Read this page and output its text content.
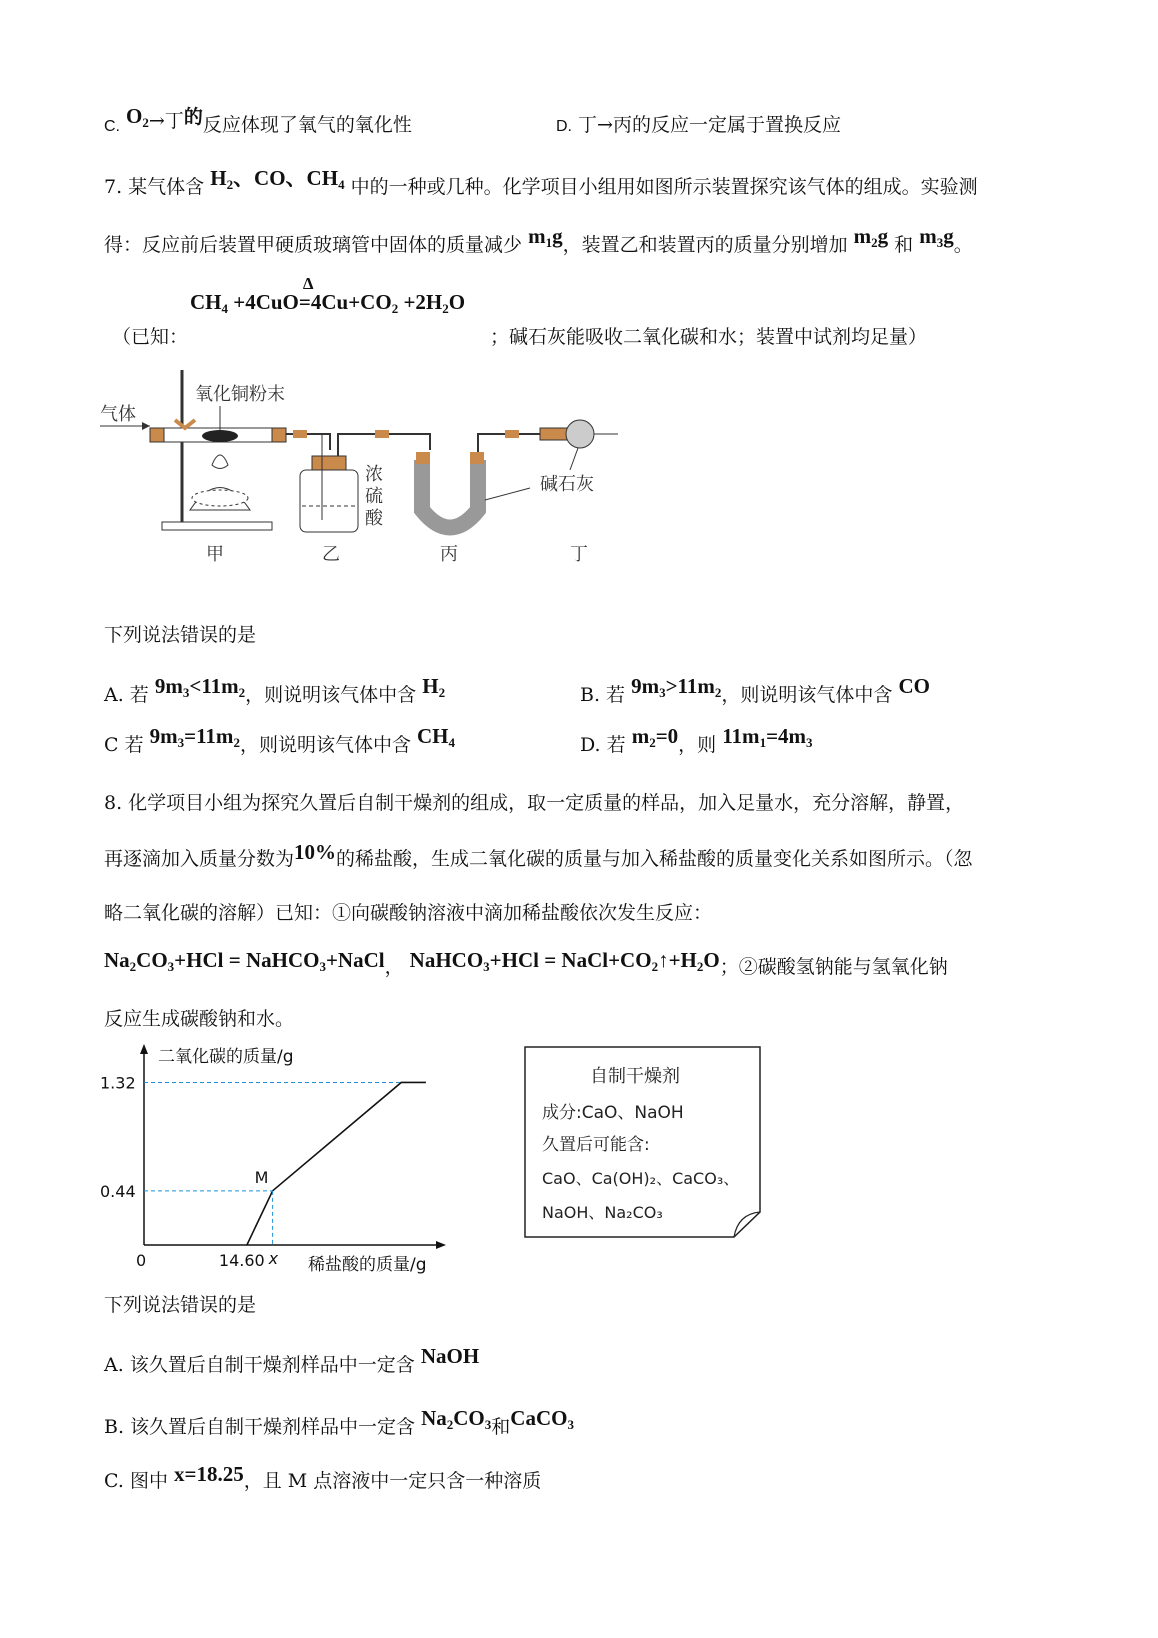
C. $O_2\to$丁的反应体现了氧气的氧化性	D. 丁→丙的反应一定属于置换反应
7. 某气体含 $H_2$、CO、$CH_4$ 中的一种或几种。化学项目小组用如图所示装置探究该气体的组成。实验测
得：反应前后装置甲硬质玻璃管中固体的质量减少 $m_1g$，装置乙和装置丙的质量分别增加 $m_2g$ 和 $m_3g$。
$CH_4 +4CuO$
Δ
$=4Cu+CO_2 +2H_2O$
（已知：	；碱石灰能吸收二氧化碳和水；装置中试剂均足量）
气体
氧化铜粉末
浓
硫
酸
碱石灰
甲	乙	丙	丁
下列说法错误的是
A. 若 $9m_3<11m_2$，则说明该气体中含 $H_2$	B. 若 $9m_3>11m_2$，则说明该气体中含 CO
C 若 $9m_3=11m_2$，则说明该气体中含 $CH_4$	D. 若 $m_2=0$，则 $11m_1=4m_3$
8. 化学项目小组为探究久置后自制干燥剂的组成，取一定质量的样品，加入足量水，充分溶解，静置，
再逐滴加入质量分数为10%的稀盐酸，生成二氧化碳的质量与加入稀盐酸的质量变化关系如图所示。（忽
略二氧化碳的溶解）已知：①向碳酸钠溶液中滴加稀盐酸依次发生反应：
$Na_2CO_3+HCl$ = NaHCO$_3$+NaCl， NaHCO$_3$+HCl = $NaCl+CO_2↑+H_2O$；②碳酸氢钠能与氢氧化钠
反应生成碳酸钠和水。
二氧化碳的质量/g
稀盐酸的质量/g
0
M
0.44
1.32
14.60 x
自制干燥剂
成分:CaO、NaOH
久置后可能含:
CaO、Ca(OH)₂、CaCO₃、
NaOH、Na₂CO₃
下列说法错误的是
A. 该久置后自制干燥剂样品中一定含 NaOH
B. 该久置后自制干燥剂样品中一定含 $Na_2CO_3$和CaCO$_3$
C. 图中 x=18.25，且 M 点溶液中一定只含一种溶质
